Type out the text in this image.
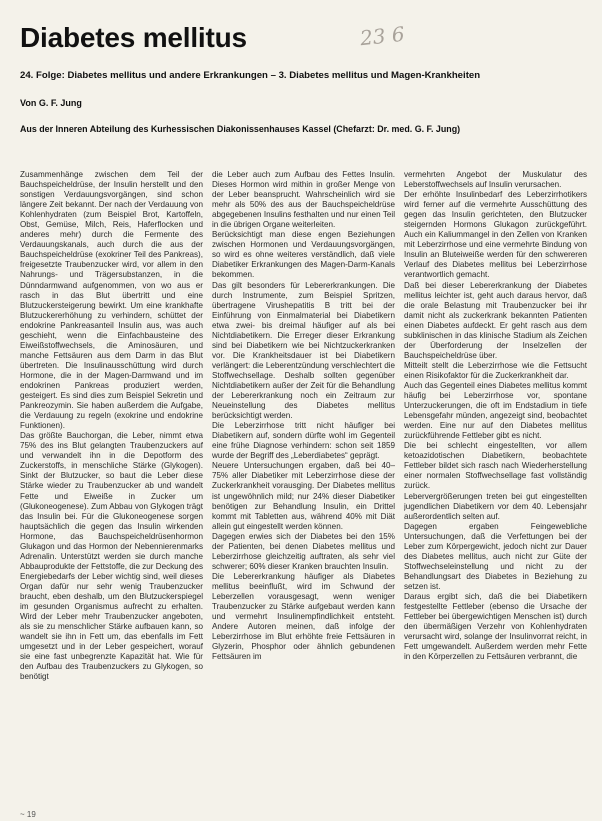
Diabetes mellitus	23 6
24. Folge: Diabetes mellitus und andere Erkrankungen – 3. Diabetes mellitus und Magen-Krankheiten
Von G. F. Jung
Aus der Inneren Abteilung des Kurhessischen Diakonissenhauses Kassel (Chefarzt: Dr. med. G. F. Jung)

Zusammenhänge zwischen dem Teil der Bauchspeicheldrüse, der Insulin herstellt und den sonstigen Verdauungsvorgängen, sind schon längere Zeit bekannt. Der nach der Verdauung von Kohlenhydraten (zum Beispiel Brot, Kartoffeln, Obst, Gemüse, Milch, Reis, Haferflocken und anderes mehr) durch die Fermente des Verdauungskanals, auch durch die aus der Bauchspeicheldrüse (exokriner Teil des Pankreas), freigesetzte Traubenzucker wird, vor allem in den Nahrungs- und Trägersubstanzen, in die Dünndarmwand aufgenommen, von wo aus er rasch in das Blut übertritt und eine Blutzuckersteigerung bewirkt. Um eine krankhafte Blutzuckererhöhung zu verhindern, schüttet der endokrine Pankreasanteil Insulin aus, was auch geschieht, wenn die Einfachbausteine des Eiweißstoffwechsels, die Aminosäuren, und manche Fettsäuren aus dem Darm in das Blut übertreten. Die Insulinausschüttung wird durch Hormone, die in der Magen-Darmwand und im endokrinen Pankreas produziert werden, gesteigert. Es sind dies zum Beispiel Sekretin und Pankreozymin. Sie haben außerdem die Aufgabe, die Verdauung zu regeln (exokrine und endokrine Funktionen).

Das größte Bauchorgan, die Leber, nimmt etwa 75% des ins Blut gelangten Traubenzuckers auf und verwandelt ihn in die Depotform des Zuckerstoffs, in menschliche Stärke (Glykogen). Sinkt der Blutzucker, so baut die Leber diese Stärke wieder zu Traubenzucker ab und wandelt Fette und Eiweiße in Zucker um (Glukoneogenese). Zum Abbau von Glykogen trägt das Insulin bei. Für die Glukoneogenese sorgen hauptsächlich die gegen das Insulin wirkenden Hormone, das Bauchspeicheldrüsenhormon Glukagon und das Hormon der Nebennierenmarks Adrenalin. Unterstützt werden sie durch manche Abbauprodukte der Fettstoffe, die zur Deckung des Energiebedarfs der Leber wichtig sind, weil dieses Organ dafür nur sehr wenig Traubenzucker braucht, eben deshalb, um den Blutzuckerspiegel im gesunden Organismus aufrecht zu erhalten. Wird der Leber mehr Traubenzucker angeboten, als sie zu menschlicher Stärke aufbauen kann, so wandelt sie ihn in Fett um, das ebenfalls im Fett umgesetzt und in der Leber gespeichert, worauf sie eine fast unbegrenzte Kapazität hat. Wie für den Aufbau des Traubenzuckers zu Glykogen, so benötigt

die Leber auch zum Aufbau des Fettes Insulin. Dieses Hormon wird mithin in großer Menge von der Leber beansprucht. Wahrscheinlich wird sie mehr als 50% des aus der Bauchspeicheldrüse abgegebenen Insulins festhalten und nur einen Teil in die übrigen Organe weiterleiten.

Berücksichtigt man diese engen Beziehungen zwischen Hormonen und Verdauungsvorgängen, so wird es ohne weiteres verständlich, daß viele Diabetiker Erkrankungen des Magen-Darm-Kanals bekommen.

Das gilt besonders für Lebererkrankungen. Die durch Instrumente, zum Beispiel Spritzen, übertragene Virushepatitis B tritt bei der Einführung von Einmalmaterial bei Diabetikern etwa zwei- bis dreimal häufiger auf als bei Nichtdiabetikern. Die Erreger dieser Erkrankung sind bei Diabetikern wie bei Nichtzuckerkranken vor. Die Krankheitsdauer ist bei Diabetikern verlängert: die Leberentzündung verschlechtert die Stoffwechsellage. Deshalb sollten gegenüber Nichtdiabetikern außer der Zeit für die Behandlung der Lebererkrankung noch ein Zeitraum zur Neueinstellung des Diabetes mellitus berücksichtigt werden.

Die Leberzirrhose tritt nicht häufiger bei Diabetikern auf, sondern dürfte wohl im Gegenteil eine frühe Diagnose verhindern: schon seit 1859 wurde der Begriff des „Leberdiabetes“ geprägt.

Neuere Untersuchungen ergaben, daß bei 40–75% aller Diabetiker mit Leberzirrhose diese der Zuckerkrankheit vorausging. Der Diabetes mellitus ist ungewöhnlich mild; nur 24% dieser Diabetiker benötigen zur Behandlung Insulin, ein Drittel kommt mit Tabletten aus, während 40% mit Diät allein gut eingestellt werden können.

Dagegen erwies sich der Diabetes bei den 15% der Patienten, bei denen Diabetes mellitus und Leberzirrhose gleichzeitig auftraten, als sehr viel schwerer; 60% dieser Kranken brauchten Insulin.

Die Lebererkrankung häufiger als Diabetes mellitus beeinflußt, wird im Schwund der Leberzellen vorausgesagt, wenn weniger Traubenzucker zu Stärke aufgebaut werden kann und vermehrt Insulinempfindlichkeit entsteht. Andere Autoren meinen, daß infolge der Leberzirrhose im Blut erhöhte freie Fettsäuren in Glyzerin, Phosphor oder ähnlich gebundenen Fettsäuren im

vermehrten Angebot der Muskulatur des Leberstoffwechsels auf Insulin verursachen.

Der erhöhte Insulinbedarf des Leberzirrhotikers wird ferner auf die vermehrte Ausschüttung des gegen das Insulin gerichteten, den Blutzucker steigernden Hormons Glukagon zurückgeführt. Auch ein Kaliummangel in den Zellen von Kranken mit Leberzirrhose und eine vermehrte Bindung von Insulin an Bluteiweiße werden für den schwereren Verlauf des Diabetes mellitus bei Leberzirrhose verantwortlich gemacht.

Daß bei dieser Lebererkrankung der Diabetes mellitus leichter ist, geht auch daraus hervor, daß die orale Belastung mit Traubenzucker bei ihr damit nicht als zuckerkrank bekannten Patienten einen Diabetes aufdeckt. Er geht rasch aus dem subklinischen in das klinische Stadium als Zeichen der Überforderung der Inselzellen der Bauchspeicheldrüse über.

Mitteilt stellt die Leberzirrhose wie die Fettsucht einen Risikofaktor für die Zuckerkrankheit dar.

Auch das Gegenteil eines Diabetes mellitus kommt häufig bei Leberzirrhose vor, spontane Unterzuckerungen, die oft im Endstadium in tiefe Lebensgefahr münden, angezeigt sind, beobachtet werden. Eine nur auf den Diabetes mellitus zurückführende Fettleber gibt es nicht.

Die bei schlecht eingestellten, vor allem ketoazidotischen Diabetikern, beobachtete Fettleber bildet sich rasch nach Wiederherstellung einer normalen Stoffwechsellage fast vollständig zurück.

Lebervergrößerungen treten bei gut eingestellten jugendlichen Diabetikern vor dem 40. Lebensjahr außerordentlich selten auf.

Dagegen ergaben Feingewebliche Untersuchungen, daß die Verfettungen bei der Leber zum Körpergewicht, jedoch nicht zur Dauer des Diabetes mellitus, auch nicht zur Güte der Stoffwechseleinstellung und nicht zu der Behandlungsart des Diabetes in Beziehung zu setzen ist.

Daraus ergibt sich, daß die bei Diabetikern festgestellte Fettleber (ebenso die Ursache der Fettleber bei übergewichtigen Menschen ist) durch den übermäßigen Verzehr von Kohlenhydraten verursacht wird, solange der Insulinvorrat reicht, in Fett umgewandelt. Außerdem werden mehr Fette in den Körperzellen zu Fettsäuren verbrannt, die

~ 19
